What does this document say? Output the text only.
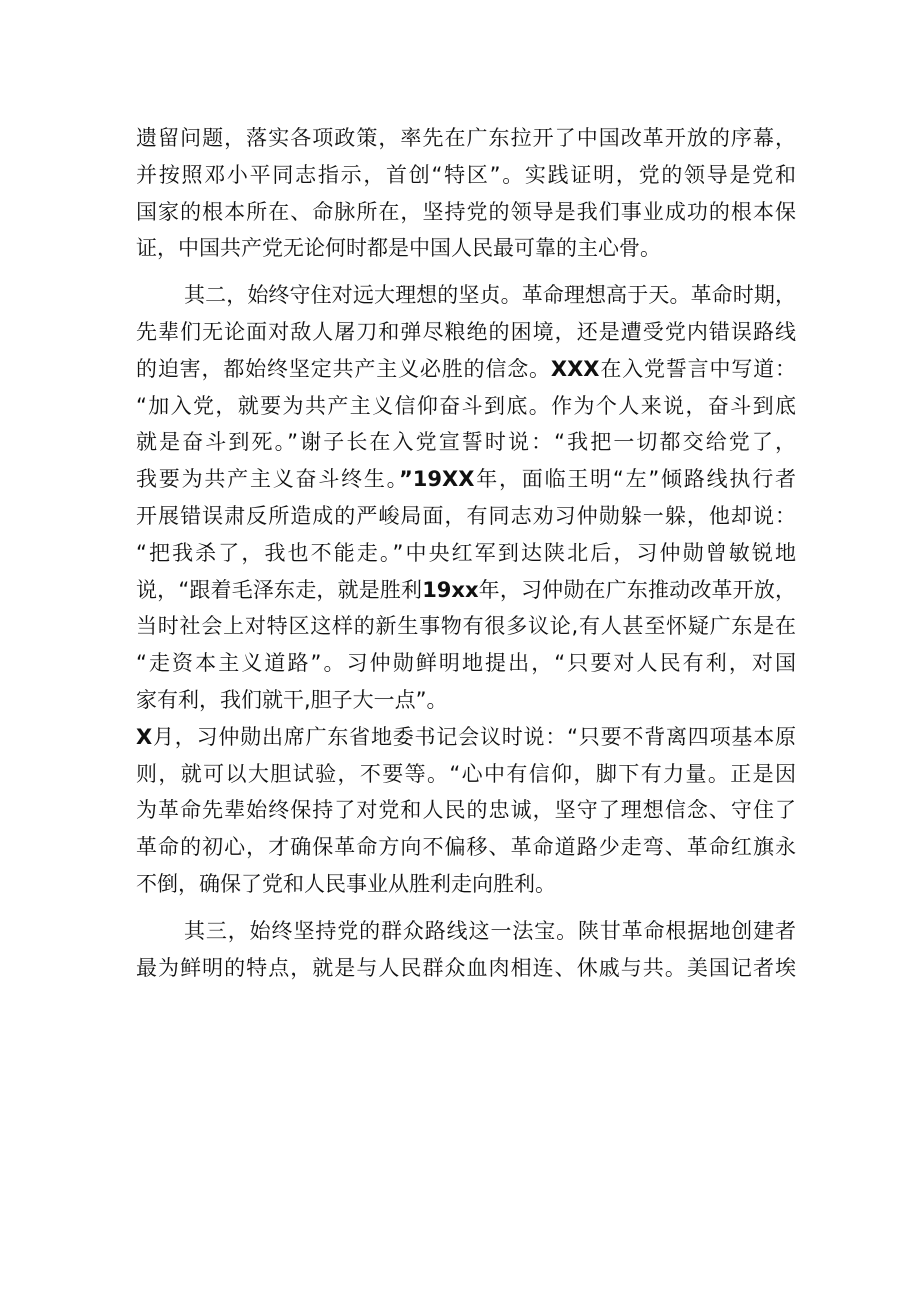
遗留问题，落实各项政策，率先在广东拉开了中国改革开放的序幕，
并按照邓小平同志指示，首创“特区”。实践证明，党的领导是党和
国家的根本所在、命脉所在，坚持党的领导是我们事业成功的根本保
证，中国共产党无论何时都是中国人民最可靠的主心骨。
其二，始终守住对远大理想的坚贞。革命理想高于天。革命时期，
先辈们无论面对敌人屠刀和弹尽粮绝的困境，还是遭受党内错误路线
的迫害，都始终坚定共产主义必胜的信念。XXX在入党誓言中写道：
“加入党，就要为共产主义信仰奋斗到底。作为个人来说，奋斗到底
就是奋斗到死。”谢子长在入党宣誓时说：“我把一切都交给党了，
我要为共产主义奋斗终生。”19XX年，面临王明“左”倾路线执行者
开展错误肃反所造成的严峻局面，有同志劝习仲勋躲一躲，他却说：
“把我杀了，我也不能走。”中央红军到达陕北后，习仲勋曾敏锐地
说，“跟着毛泽东走，就是胜利19xx年，习仲勋在广东推动改革开放，
当时社会上对特区这样的新生事物有很多议论,有人甚至怀疑广东是在
“走资本主义道路”。习仲勋鲜明地提出，“只要对人民有利，对国
家有利，我们就干,胆子大一点”。
X月，习仲勋出席广东省地委书记会议时说：“只要不背离四项基本原
则，就可以大胆试验，不要等。“心中有信仰，脚下有力量。正是因
为革命先辈始终保持了对党和人民的忠诚，坚守了理想信念、守住了
革命的初心，才确保革命方向不偏移、革命道路少走弯、革命红旗永
不倒，确保了党和人民事业从胜利走向胜利。
其三，始终坚持党的群众路线这一法宝。陕甘革命根据地创建者
最为鲜明的特点，就是与人民群众血肉相连、休戚与共。美国记者埃
